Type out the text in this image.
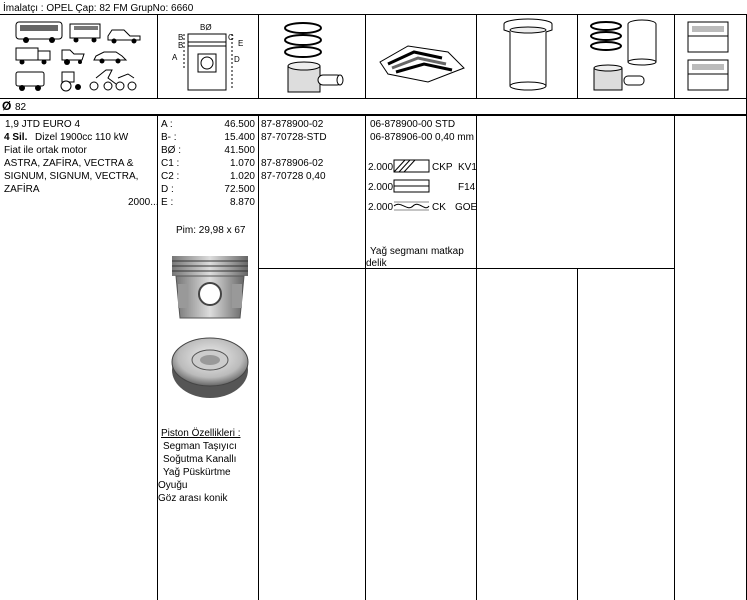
İmalatçı : OPEL Çap: 82 FM GrupNo: 6660
BØ
B
B
A
C
E
D
Ø 82
1,9 JTD EURO 4
4 Sil. Dizel 1900cc 110 kW
Fiat ile ortak motor
ASTRA, ZAFİRA, VECTRA &
SIGNUM, SIGNUM, VECTRA,
ZAFİRA
2000...
A :	46.500
B- :	15.400
BØ :	41.500
C1 :	1.070
C2 :	1.020
D :	72.500
E :	8.870
Pim: 29,98 x 67
Piston Özellikleri :
Segman Taşıyıcı
Soğutma Kanallı
Yağ Püskürtme
Oyuğu
Göz arası konik
87-878900-02
87-70728-STD
87-878906-02
87-70728 0,40
06-878900-00 STD
06-878906-00 0,40 mm
2.000	CKP KV1
2.000	F14
2.000	CK GOE
Yağ segmanı matkap
delik
